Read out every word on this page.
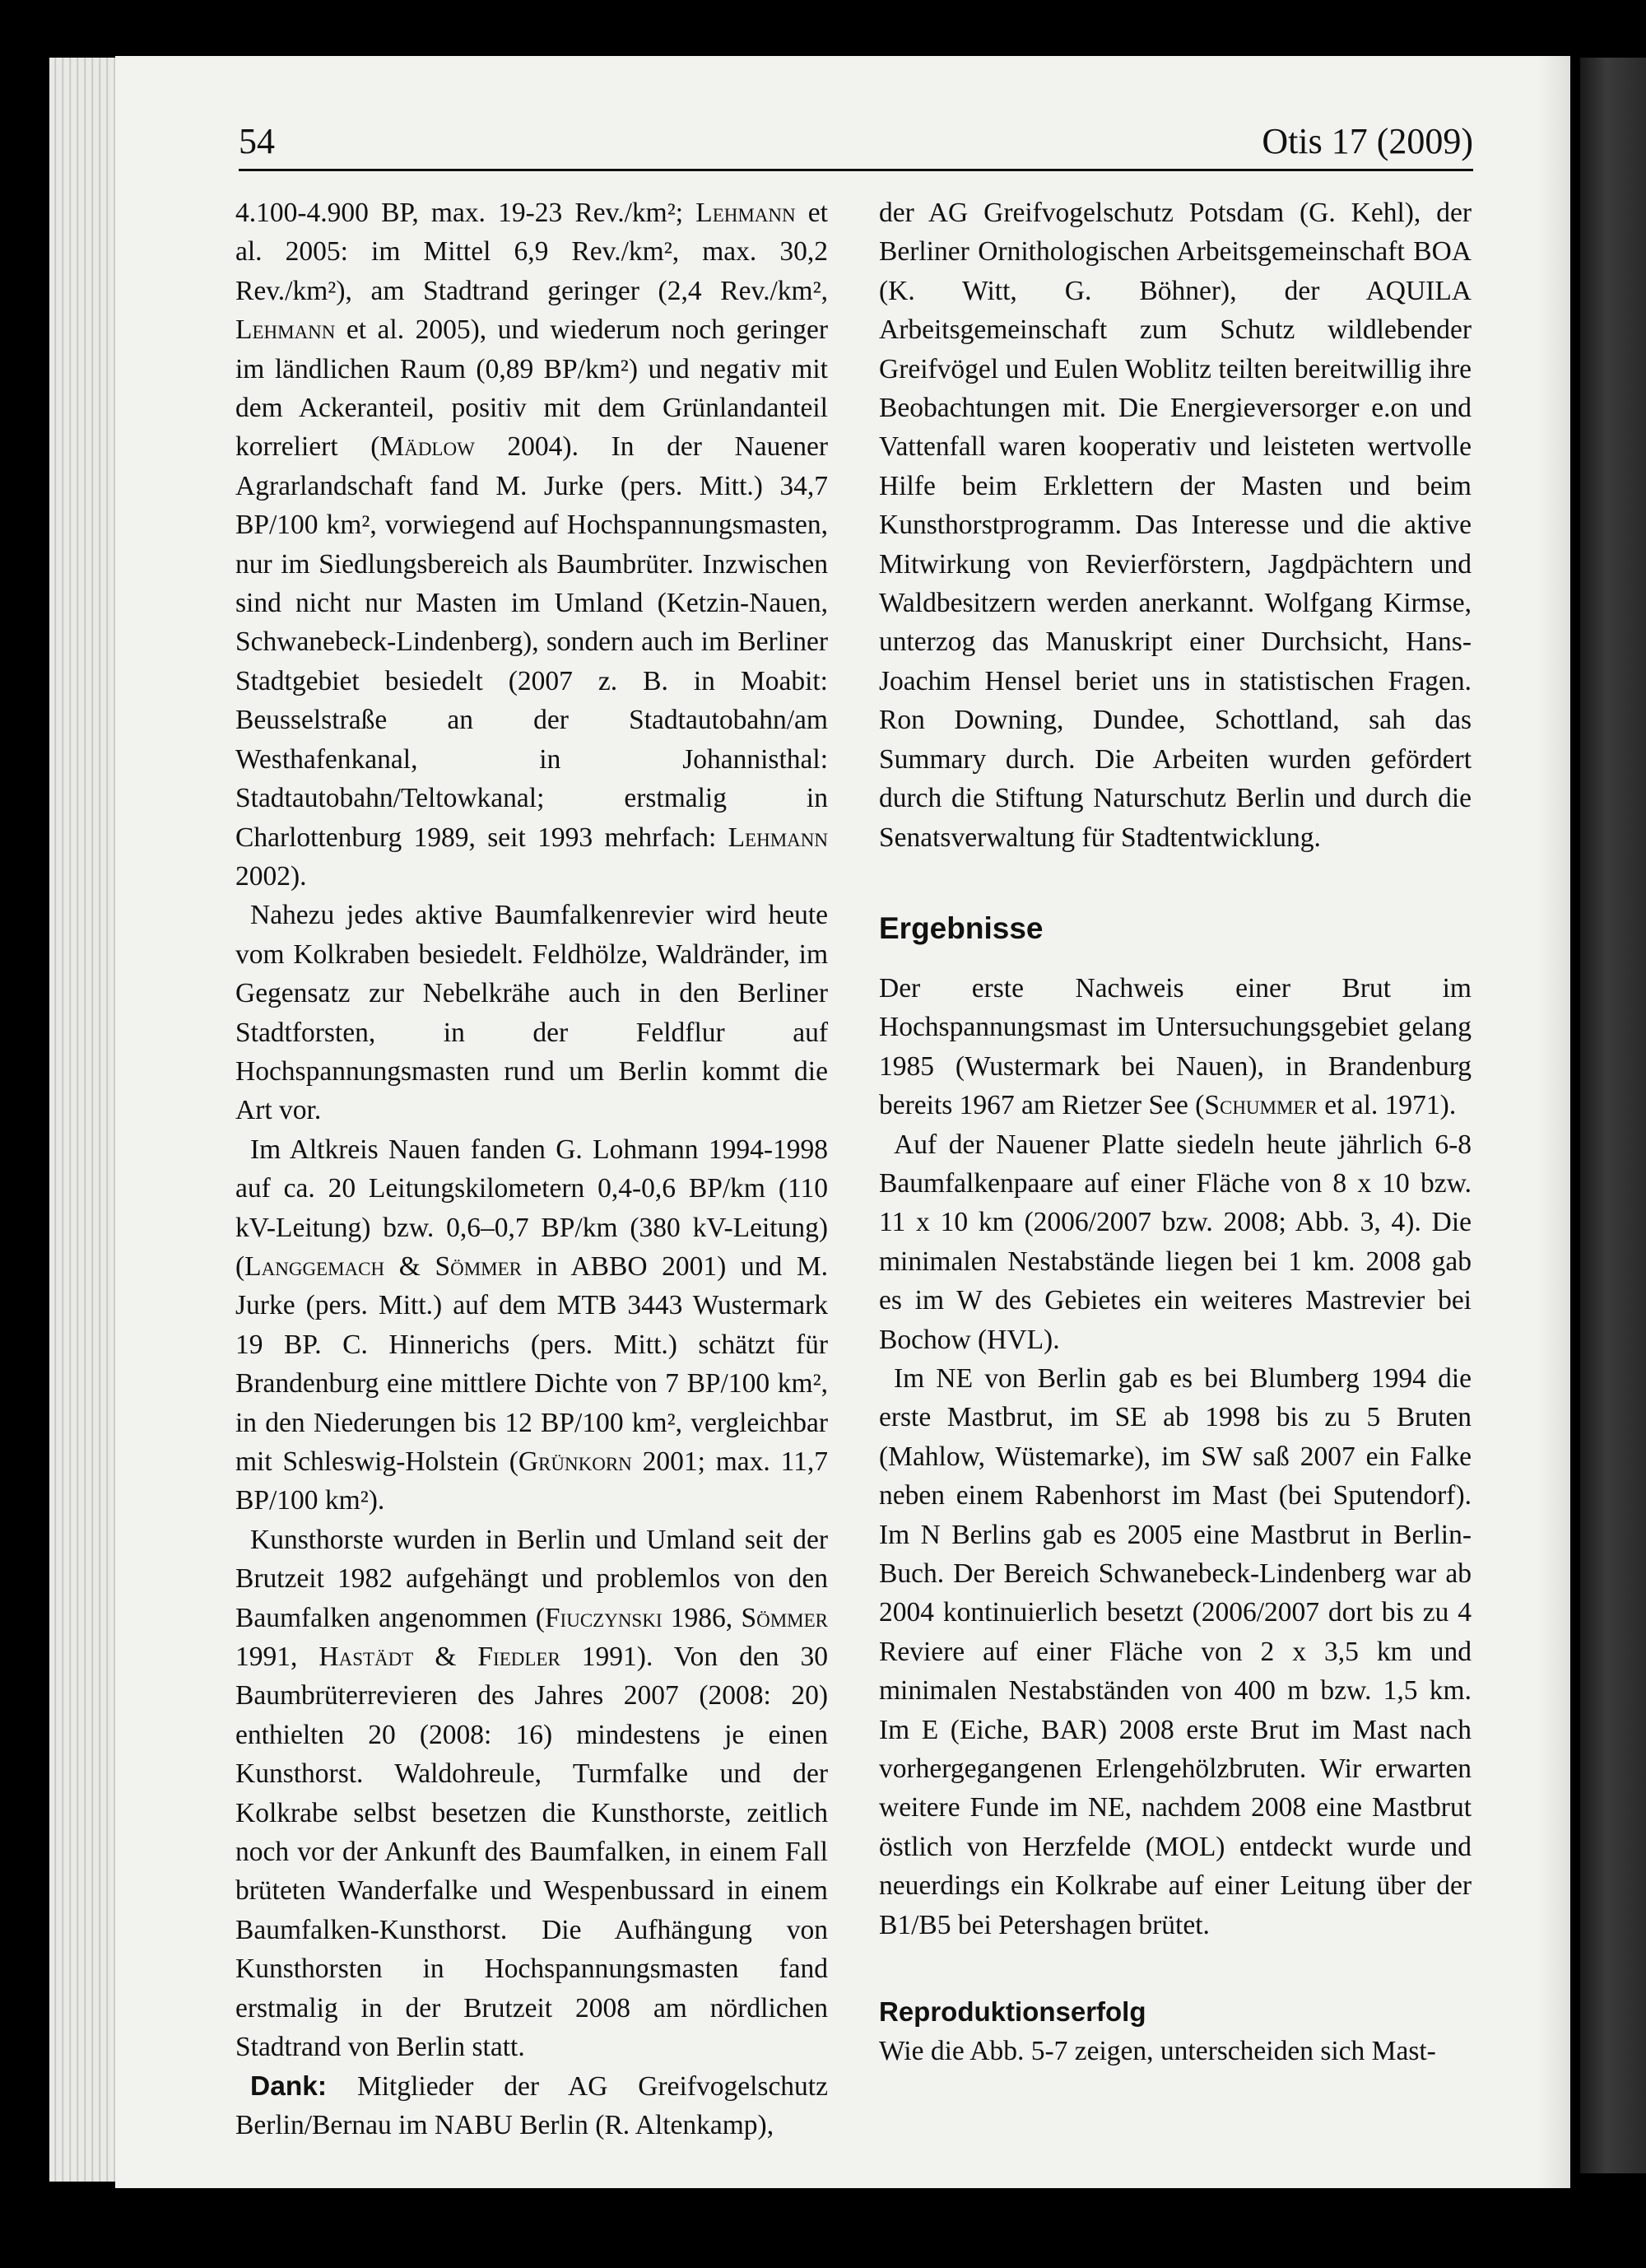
54	Otis 17 (2009)

4.100-4.900 BP, max. 19-23 Rev./km²; Lehmann et al. 2005: im Mittel 6,9 Rev./km², max. 30,2 Rev./km²), am Stadtrand geringer (2,4 Rev./km², Lehmann et al. 2005), und wiederum noch geringer im ländlichen Raum (0,89 BP/km²) und negativ mit dem Ackeranteil, positiv mit dem Grünlandanteil korreliert (Mädlow 2004). In der Nauener Agrarlandschaft fand M. Jurke (pers. Mitt.) 34,7 BP/100 km², vorwiegend auf Hochspannungsmasten, nur im Siedlungsbereich als Baumbrüter. Inzwischen sind nicht nur Masten im Umland (Ketzin-Nauen, Schwanebeck-Lindenberg), sondern auch im Berliner Stadtgebiet besiedelt (2007 z. B. in Moabit: Beusselstraße an der Stadtautobahn/am Westhafenkanal, in Johannisthal: Stadtautobahn/Teltowkanal; erstmalig in Charlottenburg 1989, seit 1993 mehrfach: Lehmann 2002).

Nahezu jedes aktive Baumfalkenrevier wird heute vom Kolkraben besiedelt. Feldhölze, Waldränder, im Gegensatz zur Nebelkrähe auch in den Berliner Stadtforsten, in der Feldflur auf Hochspannungsmasten rund um Berlin kommt die Art vor.

Im Altkreis Nauen fanden G. Lohmann 1994-1998 auf ca. 20 Leitungskilometern 0,4-0,6 BP/km (110 kV-Leitung) bzw. 0,6–0,7 BP/km (380 kV-Leitung) (Langgemach & Sömmer in ABBO 2001) und M. Jurke (pers. Mitt.) auf dem MTB 3443 Wustermark 19 BP. C. Hinnerichs (pers. Mitt.) schätzt für Brandenburg eine mittlere Dichte von 7 BP/100 km², in den Niederungen bis 12 BP/100 km², vergleichbar mit Schleswig-Holstein (Grünkorn 2001; max. 11,7 BP/100 km²).

Kunsthorste wurden in Berlin und Umland seit der Brutzeit 1982 aufgehängt und problemlos von den Baumfalken angenommen (Fiuczynski 1986, Sömmer 1991, Hastädt & Fiedler 1991). Von den 30 Baumbrüterrevieren des Jahres 2007 (2008: 20) enthielten 20 (2008: 16) mindestens je einen Kunsthorst. Waldohreule, Turmfalke und der Kolkrabe selbst besetzen die Kunsthorste, zeitlich noch vor der Ankunft des Baumfalken, in einem Fall brüteten Wanderfalke und Wespenbussard in einem Baumfalken-Kunsthorst. Die Aufhängung von Kunsthorsten in Hochspannungsmasten fand erstmalig in der Brutzeit 2008 am nördlichen Stadtrand von Berlin statt.

Dank: Mitglieder der AG Greifvogelschutz Berlin/Bernau im NABU Berlin (R. Altenkamp),

der AG Greifvogelschutz Potsdam (G. Kehl), der Berliner Ornithologischen Arbeitsgemeinschaft BOA (K. Witt, G. Böhner), der AQUILA Arbeitsgemeinschaft zum Schutz wildlebender Greifvögel und Eulen Woblitz teilten bereitwillig ihre Beobachtungen mit. Die Energieversorger e.on und Vattenfall waren kooperativ und leisteten wertvolle Hilfe beim Erklettern der Masten und beim Kunsthorstprogramm. Das Interesse und die aktive Mitwirkung von Revierförstern, Jagdpächtern und Waldbesitzern werden anerkannt. Wolfgang Kirmse, unterzog das Manuskript einer Durchsicht, Hans-Joachim Hensel beriet uns in statistischen Fragen. Ron Downing, Dundee, Schottland, sah das Summary durch. Die Arbeiten wurden gefördert durch die Stiftung Naturschutz Berlin und durch die Senatsverwaltung für Stadtentwicklung.

Ergebnisse

Der erste Nachweis einer Brut im Hochspannungsmast im Untersuchungsgebiet gelang 1985 (Wustermark bei Nauen), in Brandenburg bereits 1967 am Rietzer See (Schummer et al. 1971).

Auf der Nauener Platte siedeln heute jährlich 6-8 Baumfalkenpaare auf einer Fläche von 8 x 10 bzw. 11 x 10 km (2006/2007 bzw. 2008; Abb. 3, 4). Die minimalen Nestabstände liegen bei 1 km. 2008 gab es im W des Gebietes ein weiteres Mastrevier bei Bochow (HVL).

Im NE von Berlin gab es bei Blumberg 1994 die erste Mastbrut, im SE ab 1998 bis zu 5 Bruten (Mahlow, Wüstemarke), im SW saß 2007 ein Falke neben einem Rabenhorst im Mast (bei Sputendorf). Im N Berlins gab es 2005 eine Mastbrut in Berlin-Buch. Der Bereich Schwanebeck-Lindenberg war ab 2004 kontinuierlich besetzt (2006/2007 dort bis zu 4 Reviere auf einer Fläche von 2 x 3,5 km und minimalen Nestabständen von 400 m bzw. 1,5 km. Im E (Eiche, BAR) 2008 erste Brut im Mast nach vorhergegangenen Erlengehölzbruten. Wir erwarten weitere Funde im NE, nachdem 2008 eine Mastbrut östlich von Herzfelde (MOL) entdeckt wurde und neuerdings ein Kolkrabe auf einer Leitung über der B1/B5 bei Petershagen brütet.

Reproduktionserfolg

Wie die Abb. 5-7 zeigen, unterscheiden sich Mast-
